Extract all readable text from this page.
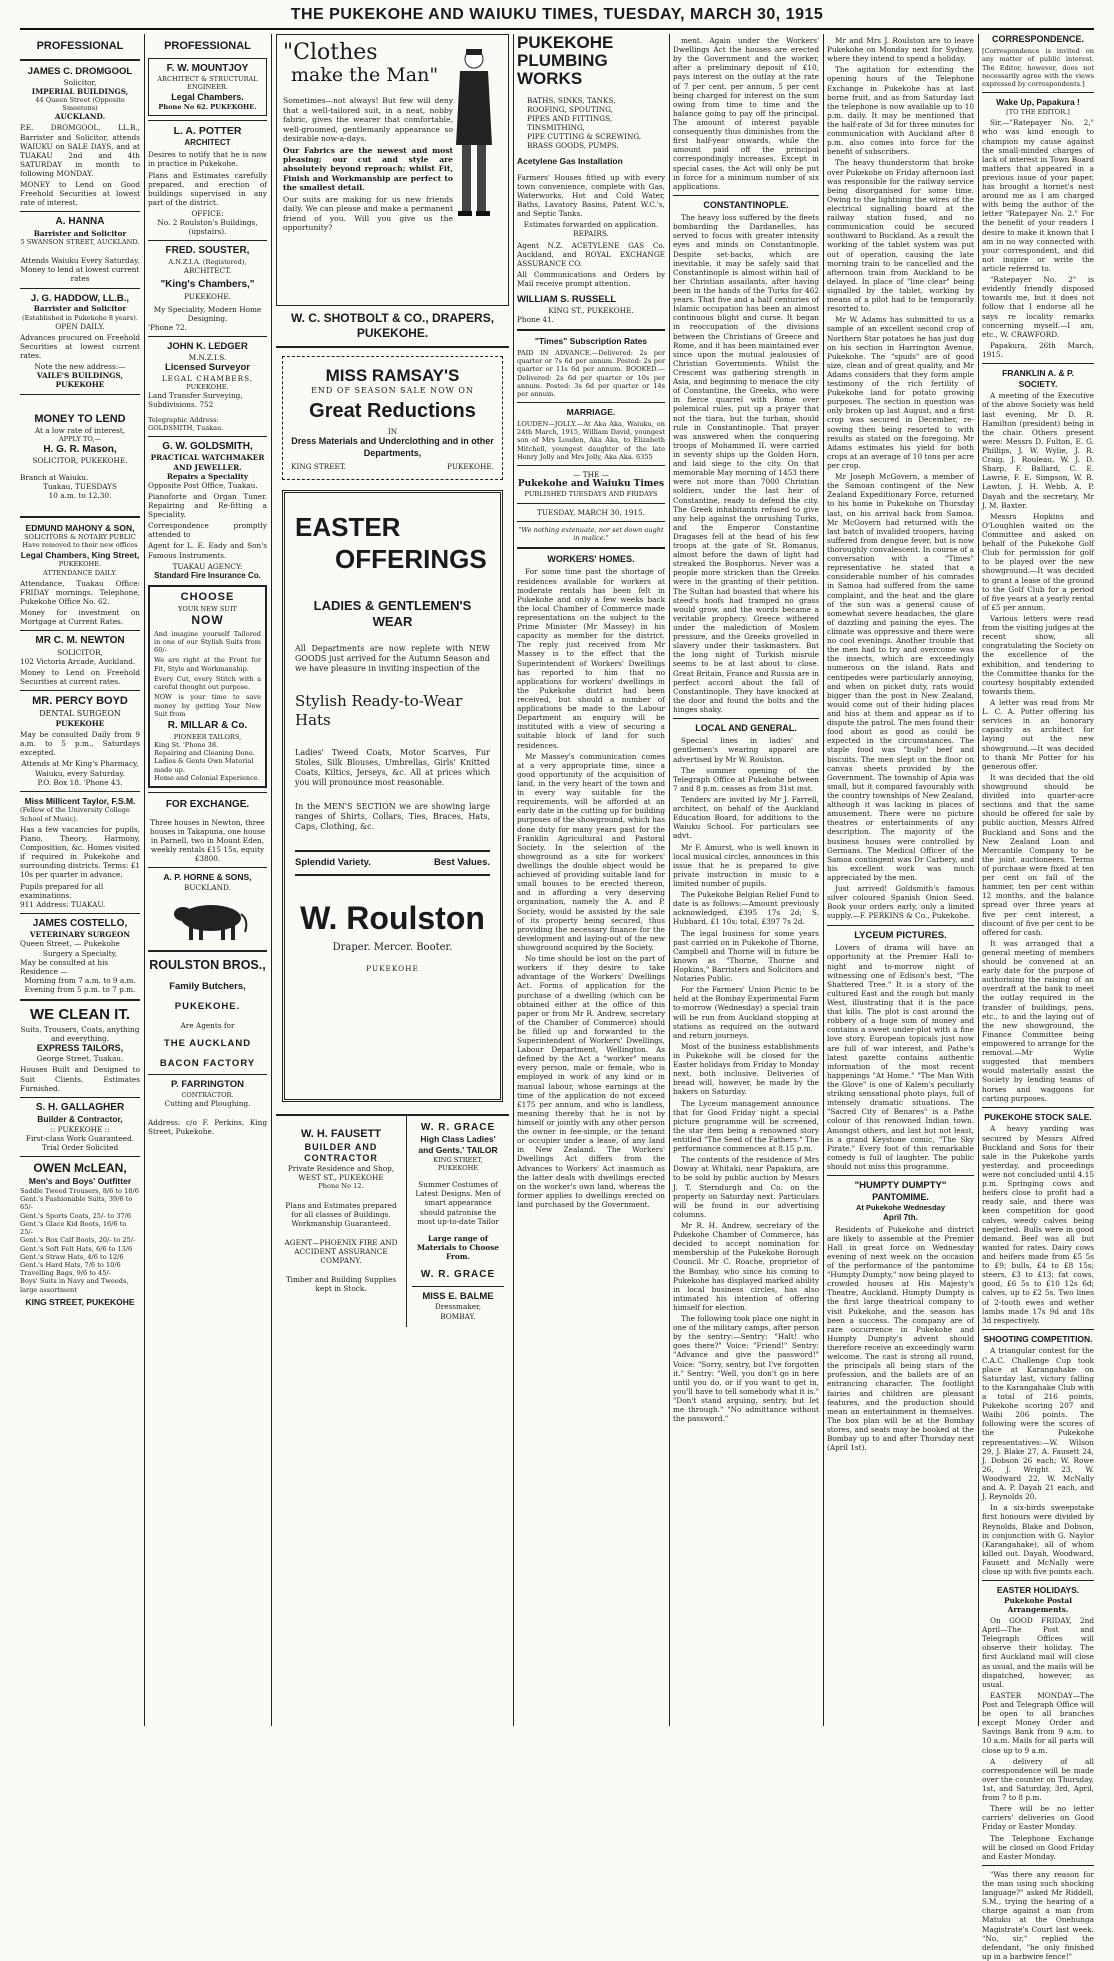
THE PUKEKOHE AND WAIUKU TIMES, TUESDAY, MARCH 30, 1915
PROFESSIONAL
JAMES C. DROMGOOL
Solicitor,
IMPERIAL BUILDINGS,
44 Queen Street (Opposite Smeetons)
AUCKLAND.

P.E. DROMGOOL, LL.B., Barrister and Solicitor, attends WAIUKU on SALE DAYS, and at TUAKAU 2nd and 4th SATURDAY in month to following MONDAY.

MONEY to Lend on Good Freehold Securities at lowest rate of interest.

A. HANNA
Barrister and Solicitor
5 SWANSON STREET, AUCKLAND.
Attends Waiuku Every Saturday.
Money to lend at lowest current rates
J. G. HADDOW, LL.B.,
Barrister and Solicitor
(Established in Pukekohe 8 years).
OPEN DAILY.

Advances procured on Freehold Securities at lowest current rates.

Note the new address:—
VAILE'S BUILDINGS, PUKEKOHE
MONEY TO LEND
At a low rate of interest,
APPLY TO,—
H. G. R. Mason,
SOLICITOR, PUKEKOHE.
Branch at Waiuku.
Tuakau, TUESDAYS
10 a.m. to 12.30.
EDMUND MAHONY & SON,
SOLICITORS & NOTARY PUBLIC
Have removed to their new offices
Legal Chambers, King Street,
PUKEKOHE.
ATTENDANCE DAILY.

Attendance, Tuakau Office: FRIDAY mornings. Telephone, Pukekohe Office No. 62.

Money for investment on Mortgage at Current Rates.

MR C. M. NEWTON
SOLICITOR,
102 Victoria Arcade, Auckland.

Money to Lend on Freehold Securities at current rates.

MR. PERCY BOYD
DENTAL SURGEON
PUKEKOHE

May be consulted Daily from 9 a.m. to 5 p.m., Saturdays excepted.

Attends at Mr King's Pharmacy,
Waiuku, every Saturday.
P.O. Box 18. 'Phone 43.
Miss Millicent Taylor, F.S.M.
(Fellow of the University College School of Music).

Has a few vacancies for pupils, Piano, Theory, Harmony, Composition, &c. Homes visited if required in Pukekohe and surrounding districts. Terms: £1 10s per quarter in advance.

Pupils prepared for all examinations.
911 Address: TUAKAU.
JAMES COSTELLO,
VETERINARY SURGEON
Queen Street, — Pukekohe
Surgery a Specialty,
May be consulted at his Residence —
Morning from 7 a.m. to 9 a.m.
Evening from 5 p.m. to 7 p.m.
WE CLEAN IT.
Suits, Trousers, Coats, anything and everything.
EXPRESS TAILORS,
George Street, Tuakau.

Houses Built and Designed to Suit Clients. Estimates Furnished.

S. H. GALLAGHER
Builder & Contractor,
:: PUKEKOHE ::
First-class Work Guaranteed.
Trial Order Solicited
OWEN McLEAN,
Men's and Boys' Outfitter
Saddle Tweed Trousers, 8/6 to 18/6
Gent.'s Fashionable Suits, 39/6 to 65/-
Gent.'s Sports Coats, 25/- to 37/6
Gent.'s Glace Kid Boots, 16/6 to 25/-
Gent.'s Box Calf Boots, 20/- to 25/-
Gent.'s Soft Felt Hats, 6/6 to 13/6
Gent.'s Straw Hats, 4/6 to 12/6
Gent.'s Hard Hats, 7/6 to 10/6
Travelling Bags, 9/6 to 45/-
Boys' Suits in Navy and Tweeds, large assortment
KING STREET, PUKEKOHE
PROFESSIONAL
F. W. MOUNTJOY
ARCHITECT & STRUCTURAL ENGINEER.
Legal Chambers.
Phone No 62. PUKEKOHE.
L. A. POTTER
ARCHITECT

Desires to notify that he is now in practice in Pukekohe.

Plans and Estimates carefully prepared, and erection of buildings supervised in any part of the district.

OFFICE:
No. 2 Roulston's Buildings, (upstairs).
FRED. SOUSTER,
A.N.Z.I.A. (Registered),
ARCHITECT.
"King's Chambers,"
PUKEKOHE.
My Speciality, Modern Home Designing.
'Phone 72.
JOHN K. LEDGER
M.N.Z.I.S.
Licensed Surveyor
LEGAL CHAMBERS,
PUKEKOHE.
Land Transfer Surveying, Subdivisions. 752
Telegraphic Address: GOLDSMITH, Tuakau.
G. W. GOLDSMITH,
PRACTICAL WATCHMAKER AND JEWELLER.
Repairs a Speciality
Opposite Post Office, Tuakau.

Pianoforte and Organ Tuner. Repairing and Re-fitting a Speciality.

Correspondence promptly attended to

Agent for L. E. Eady and Son's Famous Instruments.

TUAKAU AGENCY:
Standard Fire Insurance Co.
CHOOSE
YOUR NEW SUIT
NOW

And imagine yourself Tailored in one of our Stylish Suits from 60/-

We are right at the Front for Fit, Style and Workmanship.

Every Cut, every Stitch with a careful thought out purpose.

NOW is your time to save money by getting Your New Suit from

R. MILLAR & Co.
PIONEER TAILORS,
King St. 'Phone 38.
Repairing and Cleaning Done.
Ladies & Gents Own Material made up.
Home and Colonial Experience.
FOR EXCHANGE.

Three houses in Newton, three houses in Takapuna, one house in Parnell, two in Mount Eden, weekly rentals £15 15s, equity £3800.

A. P. HORNE & SONS,
BUCKLAND.
ROULSTON BROS.,
Family Butchers,
PUKEKOHE.
Are Agents for
THE AUCKLAND
BACON FACTORY
P. FARRINGTON
CONTRACTOR.
Cutting and Ploughing.

Address: c/o F. Perkins, King Street, Pukekohe.

"Clothes
make the Man"

Sometimes—not always! But few will deny that a well-tailored suit, in a neat, nobby fabric, gives the wearer that comfortable, well-groomed, gentlemanly appearance so desirable now-a-days.

Our Fabrics are the newest and most pleasing; our cut and style are absolutely beyond reproach; whilst Fit, Finish and Workmanship are perfect to the smallest detail.

Our suits are making for us new friends daily. We can please and make a permanent friend of you. Will you give us the opportunity?

W. C. SHOTBOLT & CO., DRAPERS, PUKEKOHE.
MISS RAMSAY'S
END OF SEASON SALE NOW ON
Great Reductions
IN
Dress Materials and Underclothing and in other Departments,
KING STREET.	PUKEKOHE.
EASTER
OFFERINGS
LADIES & GENTLEMEN'S WEAR

All Departments are now replete with NEW GOODS just arrived for the Autumn Season and we have pleasure in inviting inspection of the

Stylish Ready-to-Wear Hats

Ladies' Tweed Coats, Motor Scarves, Fur Stoles, Silk Blouses, Umbrellas, Girls' Knitted Coats, Kiltics, Jerseys, &c. All at prices which you will pronounce most reasonable.

In the MEN'S SECTION we are showing large ranges of Shirts, Collars, Ties, Braces, Hats, Caps, Clothing, &c.

Splendid Variety.	Best Values.
W. Roulston
Draper. Mercer. Booter.
PUKEKOHE
W. H. FAUSETT
BUILDER AND CONTRACTOR
Private Residence and Shop,
WEST ST., PUKEKOHE
Phone No 12.

Plans and Estimates prepared for all classes of Buildings. Workmanship Guaranteed.

AGENT—PHOENIX FIRE AND ACCIDENT ASSURANCE COMPANY.

Timber and Building Supplies kept in Stock.

W. R. GRACE
High Class Ladies' and Gents.' TAILOR
KING STREET, PUKEKOHE

Summer Costumes of Latest Designs. Men of smart appearance should patronise the most up-to-date Tailor

Large range of Materials to Choose From.

W. R. GRACE
MISS E. BALME
Dressmaker,
BOMBAY.
PUKEKOHE
PLUMBING
WORKS
BATHS, SINKS, TANKS,
ROOFING, SPOUTING,
PIPES AND FITTINGS,
TINSMITHING,
PIPE CUTTING & SCREWING,
BRASS GOODS, PUMPS.
Acetylene Gas Installation

Farmers' Houses fitted up with every town convenience, complete with Gas, Waterworks, Hot and Cold Water, Baths, Lavatory Basins, Patent W.C.'s, and Septic Tanks.

Estimates forwarded on application. REPAIRS.

Agent N.Z. ACETYLENE GAS Co. Auckland, and ROYAL EXCHANGE ASSURANCE CO.

All Communications and Orders by Mail receive prompt attention.

WILLIAM S. RUSSELL
KING ST., PUKEKOHE.
Phone 41.
"Times" Subscription Rates

PAID IN ADVANCE.—Delivered: 2s per quarter or 7s 6d per annum. Posted: 2s per quarter or 11s 6d per annum. BOOKED.—Delivered: 2s 6d per quarter or 10s per annum. Posted: 3s 6d per quarter or 14s per annum.

MARRIAGE.

LOUDEN—JOLLY.—At Aka Aka, Waiuku, on 24th March, 1915, William David, youngest son of Mrs Louden, Aka Aka, to Elizabeth Mitchell, youngest daughter of the late Henry Jolly and Mrs Jolly, Aka Aka. 6355

— THE —
Pukekohe and Waiuku Times
PUBLISHED TUESDAYS AND FRIDAYS
TUESDAY, MARCH 30, 1915.
"We nothing extenuate, nor set down aught in malice."
WORKERS' HOMES.

For some time past the shortage of residences available for workers at moderate rentals has been felt in Pukekohe and only a few weeks back the local Chamber of Commerce made representations on the subject to the Prime Minister (Mr Massey) in his capacity as member for the district. The reply just received from Mr Massey is to the effect that the Superintendent of Workers' Dwellings has reported to him that no applications for workers' dwellings in the Pukekohe district had been received, but should a number of applications be made to the Labour Department an enquiry will be instituted with a view of securing a suitable block of land for such residences.

Mr Massey's communication comes at a very appropriate time, since a good opportunity of the acquisition of land, in the very heart of the town and in every way suitable for the requirements, will be afforded at an early date in the cutting up for building purposes of the showground, which has done duty for many years past for the Franklin Agricultural and Pastoral Society. In the selection of the showground as a site for workers' dwellings the double object would be achieved of providing suitable land for small houses to be erected thereon, and in affording a very deserving organisation, namely the A. and P. Society, would be assisted by the sale of its property being secured, thus providing the necessary finance for the development and laying-out of the new showground acquired by the Society.

No time should be lost on the part of workers if they desire to take advantage of the Workers' Dwellings Act. Forms of application for the purchase of a dwelling (which can be obtained either at the office of this paper or from Mr R. Andrew, secretary of the Chamber of Commerce) should be filled up and forwarded to the Superintendent of Workers' Dwellings, Labour Department, Wellington. As defined by the Act a "worker" means every person, male or female, who is employed in work of any kind or in manual labour, whose earnings at the time of the application do not exceed £175 per annum, and who is landless, meaning thereby that he is not by himself or jointly with any other person the owner in fee-simple, or the tenant or occupier under a lease, of any land in New Zealand. The Workers' Dwellings Act differs from the Advances to Workers' Act inasmuch as the latter deals with dwellings erected on the worker's own land, whereas the former applies to dwellings erected on land purchased by the Government.

ment. Again under the Workers' Dwellings Act the houses are erected by the Government and the worker, after a preliminary deposit of £10, pays interest on the outlay at the rate of 7 per cent. per annum, 5 per cent being charged for interest on the sum owing from time to time and the balance going to pay off the principal. The amount of interest payable consequently thus diminishes from the first half-year onwards, while the amount paid off the principal correspondingly increases. Except in special cases, the Act will only be put in force for a minimum number of six applications.

CONSTANTINOPLE.

The heavy loss suffered by the fleets bombarding the Dardanelles, has served to focus with greater intensity eyes and minds on Constantinople. Despite set-backs, which are inevitable, it may be safely said that Constantinople is almost within hail of her Christian assailants, after having been in the hands of the Turks for 462 years. That five and a half centuries of Islamic occupation has been an almost continuous blight and curse. It began in reoccupation of the divisions between the Christians of Greece and Rome, and it has been maintained ever since upon the mutual jealousies of Christian Governments. Whilst the Crescent was gathering strength in Asia, and beginning to menace the city of Constantine, the Greeks, who were in fierce quarrel with Rome over polemical rules, put up a prayer that not the tiara, but the turban, should rule in Constantinople. That prayer was answered when the conquering troops of Mohammed II. were carried in seventy ships up the Golden Horn, and laid siege to the city. On that memorable May morning of 1453 there were not more than 7000 Christian soldiers, under the last heir of Constantine, ready to defend the city. The Greek inhabitants refused to give any help against the onrushing Turks, and the Emperor Constantine Dragases fell at the head of his few troops at the gate of St. Romanus, almost before the dawn of light had streaked the Bosphorus. Never was a people more stricken than the Greeks were in the granting of their petition. The Sultan had boasted that where his steed's hoofs had tramped no grass would grow, and the words became a veritable prophecy. Greece withered under the malediction of Moslem pressure, and the Greeks grovelled in slavery under their taskmasters. But the long night of Turkish misrule seems to be at last about to close. Great Britain, France and Russia are in perfect accord about the fall of Constantinople. They have knocked at the door and found the bolts and the hinges shaky.

LOCAL AND GENERAL.

Special lines in ladies' and gentlemen's wearing apparel are advertised by Mr W. Roulston.

The summer opening of the Telegraph Office at Pukekohe between 7 and 8 p.m. ceases as from 31st inst.

Tenders are invited by Mr J. Farrell, architect, on behalf of the Auckland Education Board, for additions to the Waiuku School. For particulars see advt.

Mr F. Amurst, who is well known in local musical circles, announces in this issue that he is prepared to give private instruction in music to a limited number of pupils.

The Pukekohe Belgian Relief Fund to date is as follows:—Amount previously acknowledged, £395 17s 2d; S. Hubbard, £1 10s; total, £397 7s 2d.

The legal business for some years past carried on in Pukekohe of Thorne, Campbell and Thorne will in future be known as "Thorne, Thorne and Hopkins," Barristers and Solicitors and Notaries Public.

For the Farmers' Union Picnic to be held at the Bombay Experimental Farm to-morrow (Wednesday) a special train will be run from Auckland stopping at stations as required on the outward and return journeys.

Most of the business establishments in Pukekohe will be closed for the Easter holidays from Friday to Monday next, both inclusive. Deliveries of bread will, however, be made by the bakers on Saturday.

The Lyceum management announce that for Good Friday night a special picture programme will be screened, the star item being a renowned story entitled "The Seed of the Fathers." The performance commences at 8.15 p.m.

The contents of the residence of Mrs Doway at Whitaki, near Papakura, are to be sold by public auction by Messrs J. T. Sterndurgh and Co. on the property on Saturday next. Particulars will be found in our advertising columns.

Mr R. H. Andrew, secretary of the Pukekohe Chamber of Commerce, has decided to accept nomination for membership of the Pukekohe Borough Council. Mr C. Roache, proprietor of the Bombay, who since his coming to Pukekohe has displayed marked ability in local business circles, has also intimated his intention of offering himself for election.

The following took place one night in one of the military camps, after person by the sentry:—Sentry: "Halt! who goes there?" Voice: "Friend!" Sentry: "Advance and give the password!" Voice: "Sorry, sentry, but I've forgotten it." Sentry: "Well, you don't go in here until you do, or if you want to get in, you'll have to tell somebody what it is." "Don't stand arguing, sentry, but let me through." "No admittance without the password."

Mr and Mrs J. Roulston are to leave Pukekohe on Monday next for Sydney, where they intend to spend a holiday.

The agitation for extending the opening hours of the Telephone Exchange in Pukekohe has at last borne fruit, and as from Saturday last the telephone is now available up to 10 p.m. daily. It may be mentioned that the half-rate of 3d for three minutes for communication with Auckland after 8 p.m. also comes into force for the benefit of subscribers.

The heavy thunderstorm that broke over Pukekohe on Friday afternoon last was responsible for the railway service being disorganised for some time. Owing to the lightning the wires of the electrical signalling board at the railway station fused, and no communication could be secured southward to Buckland. As a result the working of the tablet system was put out of operation, causing the late morning train to be cancelled and the afternoon train from Auckland to be delayed. In place of "line clear" being signalled by the tablet, working by means of a pilot had to be temporarily resorted to.

Mr W. Adams has submitted to us a sample of an excellent second crop of Northern Star potatoes he has just dug on his section in Harrington Avenue, Pukekohe. The "spuds" are of good size, clean and of great quality, and Mr Adams considers that they form ample testimony of the rich fertility of Pukekohe land for potato growing purposes. The section in question was only broken up last August, and a first crop was secured in December, re-sowing then being resorted to with results as stated on the foregoing. Mr Adams estimates his yield for both crops at an average of 10 tons per acre per crop.

Mr Joseph McGovern, a member of the Samoan contingent of the New Zealand Expeditionary Force, returned to his home in Pukekohe on Thursday last, on his arrival back from Samoa. Mr McGovern had returned with the last batch of invalided troopers, having suffered from dengue fever, but is now thoroughly convalescent. In course of a conversation with a "Times" representative he stated that a considerable number of his comrades in Samoa had suffered from the same complaint, and the heat and the glare of the sun was a general cause of somewhat severe headaches, the glare of dazzling and paining the eyes. The climate was oppressive and there were no cool evenings. Another trouble that the men had to try and overcome was the insects, which are exceedingly numerous on the island. Rats and centipedes were particularly annoying, and when on picket duty, rats would bigger than the post in New Zealand, would come out of their hiding places and hiss at them and appear as if to dispute the patrol. The men found their food about as good as could be expected in the circumstances. The staple food was "bully" beef and biscuits. The men slept on the floor on canvas sheets provided by the Government. The township of Apia was small, but it compared favourably with the country townships of New Zealand, although it was lacking in places of amusement. There were no picture theatres or entertainments of any description. The majority of the business houses were controlled by Germans. The Medical Officer of the Samoa contingent was Dr Carbery, and his excellent work was much appreciated by the men.

Just arrived! Goldsmith's famous silver coloured Spanish Onion Seed. Book your orders early, only a limited supply.—F. PERKINS & Co., Pukekohe.

LYCEUM PICTURES.

Lovers of drama will have an opportunity at the Premier Hall to-night and to-morrow night of witnessing one of Edison's best, "The Shattered Tree." It is a story of the cultured East and the rough but manly West, illustrating that it is the pace that kills. The plot is cast around the robbery of a huge sum of money and contains a sweet under-plot with a fine love story. European topicals just now are full of war interest, and Pathe's latest gazette contains authentic information of the most recent happenings "At Home." "The Man With the Glove" is one of Kalem's peculiarly striking sensational photo plays, full of intensely dramatic situations. The "Sacred City of Benares" is a Pathe colour of this renowned Indian town. Amongst others, and last but not least, is a grand Keystone comic, "The Sky Pirate." Every foot of this remarkable comedy is full of laughter. The public should not miss this programme.

"HUMPTY DUMPTY"
PANTOMIME.
At Pukekohe Wednesday
April 7th.

Residents of Pukekohe and district are likely to assemble at the Premier Hall in great force on Wednesday evening of next week on the occasion of the performance of the pantomime "Humpty Dumpty," now being played to crowded houses at His Majesty's Theatre, Auckland. Humpty Dumpty is the first large theatrical company to visit Pukekohe, and the season has been a success. The company are of rare occurrence in Pukekohe and Humpty Dumpty's advent should therefore receive an exceedingly warm welcome. The cast is strong all round, the principals all being stars of the profession, and the ballets are of an entrancing character. The footlight fairies and children are pleasant features, and the production should mean an entertainment in themselves. The box plan will be at the Bombay stores, and seats may be booked at the Bombay up to and after Thursday next (April 1st).

CORRESPONDENCE.

[Correspondence is invited on any matter of public interest. The Editor, however, does not necessarily agree with the views expressed by correspondents.]

Wake Up, Papakura !
[TO THE EDITOR.]

Sir,—"Ratepayer No. 2," who was kind enough to champion my cause against the small-minded charges of lack of interest in Town Board matters that appeared in a previous issue of your paper, has brought a hornet's nest around me as I am charged with being the author of the letter "Ratepayer No. 2." For the benefit of your readers I desire to make it known that I am in no way connected with your correspondent, and did not inspire or write the article referred to.

"Ratepayer No. 2" is evidently friendly disposed towards me, but it does not follow that I endorse all he says re locality remarks concerning myself.—I am, etc., W. CRAWFORD.

Papakura, 26th March, 1915.

FRANKLIN A. & P. SOCIETY.

A meeting of the Executive of the above Society was held last evening, Mr D. R. Hamilton (president) being in the chair. Others present were: Messrs D. Fulton, E. G. Phillips, J. W. Wylie, J. R. Craig, J. Rouleau, W. J. D. Sharp, F. Ballard, C. E. Lawrie, F. E. Simpson, W. R. Lawton, J. H. Webb, A. P. Dayah and the secretary, Mr J. M. Baxter.

Messrs Hopkins and O'Loughlen waited on the Committee and asked on behalf of the Pukekohe Golf Club for permission for golf to be played over the new showground.—It was decided to grant a lease of the ground to the Golf Club for a period of five years at a yearly rental of £5 per annum.

Various letters were read from the visiting judges at the recent show, all congratulating the Society on the excellence of the exhibition, and tendering to the Committee thanks for the courtesy hospitably extended towards them.

A letter was read from Mr L. C. A. Potter offering his services in an honorary capacity as architect for laying out the new showground.—It was decided to thank Mr Potter for his generous offer.

It was decided that the old showground should be divided into quarter-acre sections and that the same should be offered for sale by public auction, Messrs Alfred Buckland and Sons and the New Zealand Loan and Mercantile Company to be the joint auctioneers. Terms of purchase were fixed at ten per cent on fall of the hammer, ten per cent within 12 months, and the balance spread over three years at five per cent interest, a discount of five per cent to be offered for cash.

It was arranged that a general meeting of members should be convened at an early date for the purpose of authorising the raising of an overdraft at the bank to meet the outlay required in the transfer of buildings, pens, etc., to and the laying out of the new showground, the Finance Committee being empowered to arrange for the removal.—Mr Wylie suggested that members would materially assist the Society by lending teams of horses and waggons for carting purposes.

PUKEKOHE STOCK SALE.

A heavy yarding was secured by Messrs Alfred Buckland and Sons for their sale in the Pukekohe yards yesterday, and proceedings were not concluded until 4.15 p.m. Springing cows and heifers close to profit had a ready sale, and there was keen competition for good calves, weedy calves being neglected. Bulls were in good demand. Beef was all but wanted for rates. Dairy cows and heifers made from £5 5s to £9; bulls, £4 to £8 15s; steers, £3 to £13; fat cows, good, £6 5s to £10 12s 6d; calves, up to £2 5s. Two lines of 2-tooth ewes and wether lambs made 17s 9d and 18s 3d respectively.

SHOOTING COMPETITION.

A triangular contest for the C.A.C. Challenge Cup took place at Karangahake on Saturday last, victory falling to the Karangahake Club with a total of 216 points, Pukekohe scoring 207 and Waihi 206 points. The following were the scores of the Pukekohe representatives:—W. Wilson 29, J. Blake 27, A. Fausett 24, J. Dobson 26 each; W. Rowe 26, J. Wright 23, W. Woodward 22, W. McNally and A. P. Dayah 21 each, and J. Reynolds 20.

In a six-birds sweepstake first honours were divided by Reynolds, Blake and Dobson, in conjunction with G. Naylor (Karangahake), all of whom killed out. Dayah, Woodward, Fausett and McNally were close up with five points each.

EASTER HOLIDAYS.
Pukekohe Postal Arrangements.

On GOOD FRIDAY, 2nd April—The Post and Telegraph Offices will observe their holiday. The first Auckland mail will close as usual, and the mails will be dispatched, however, as usual.

EASTER MONDAY—The Post and Telegraph Office will be open to all branches except Money Order and Savings Bank from 9 a.m. to 10 a.m. Mails for all parts will close up to 9 a.m.

A delivery of all correspondence will be made over the counter on Thursday, 1st, and Saturday, 3rd, April, from 7 to 8 p.m.

There will be no letter carriers' deliveries on Good Friday or Easter Monday.

The Telephone Exchange will be closed on Good Friday and Easter Monday.

"Was there any reason for the man using such shocking language?" asked Mr Riddell, S.M., trying the hearing of a charge against a man from Matuku at the Onehunga Magistrate's Court last week. "No, sir," replied the defendant, "he only finished up in a barbwire fence!"
